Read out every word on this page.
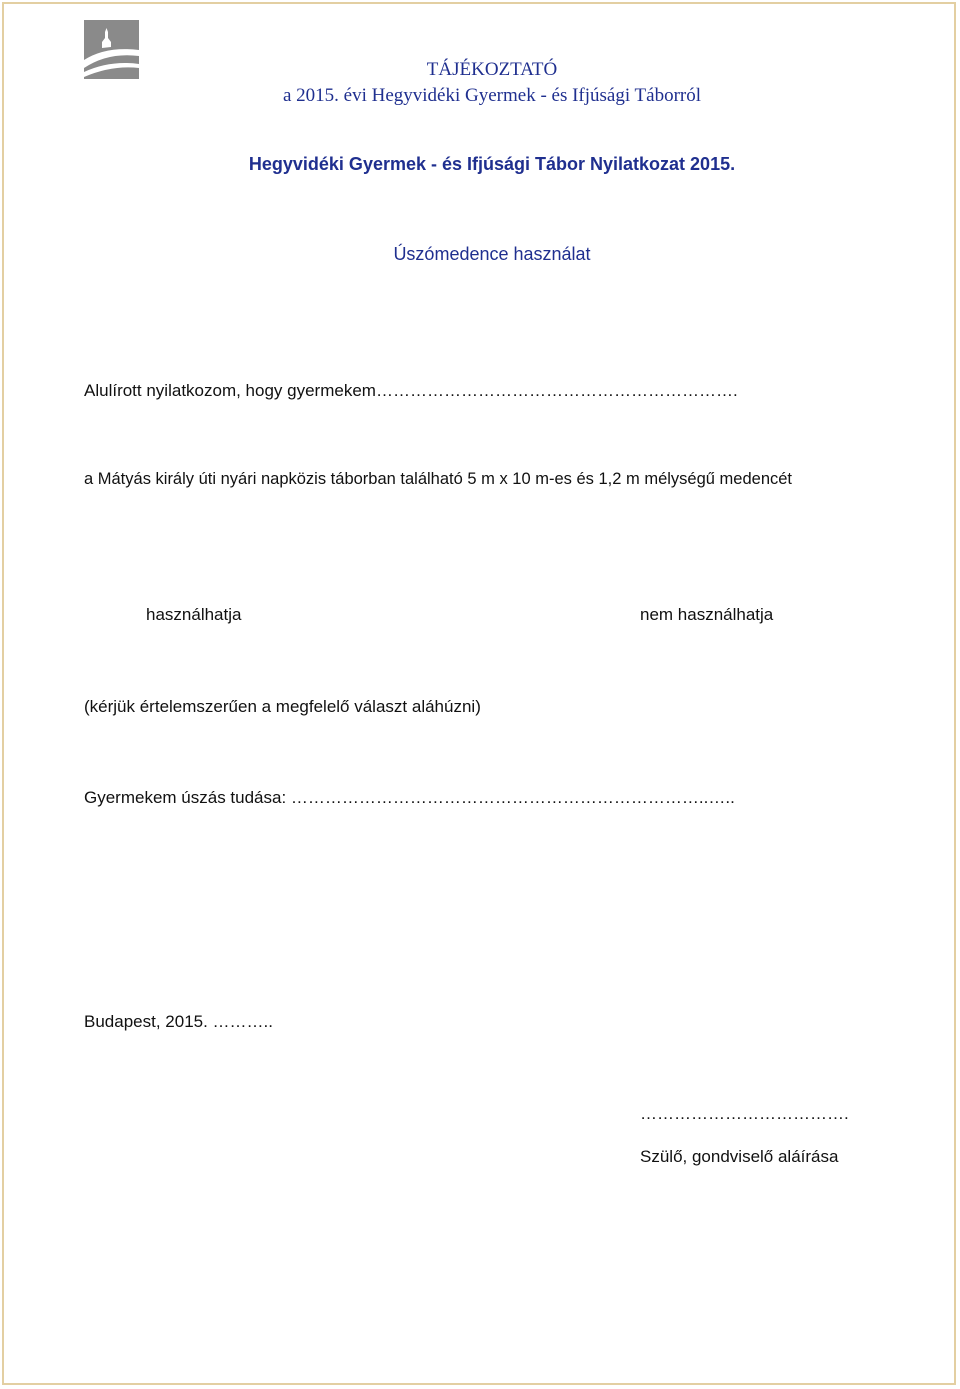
TÁJÉKOZTATÓ
a 2015. évi Hegyvidéki Gyermek - és Ifjúsági Táborról
Hegyvidéki Gyermek - és Ifjúsági Tábor Nyilatkozat 2015.
Úszómedence használat
Alulírott nyilatkozom, hogy gyermekem……………………………………………………….
a Mátyás király úti nyári napközis táborban található 5 m x 10 m-es és 1,2 m mélységű medencét
használhatja	nem használhatja
(kérjük értelemszerűen a megfelelő választ aláhúzni)
Gyermekem úszás tudása: ………………………………………………………………..…..
Budapest, 2015. ………..
……………………………….
Szülő, gondviselő aláírása
